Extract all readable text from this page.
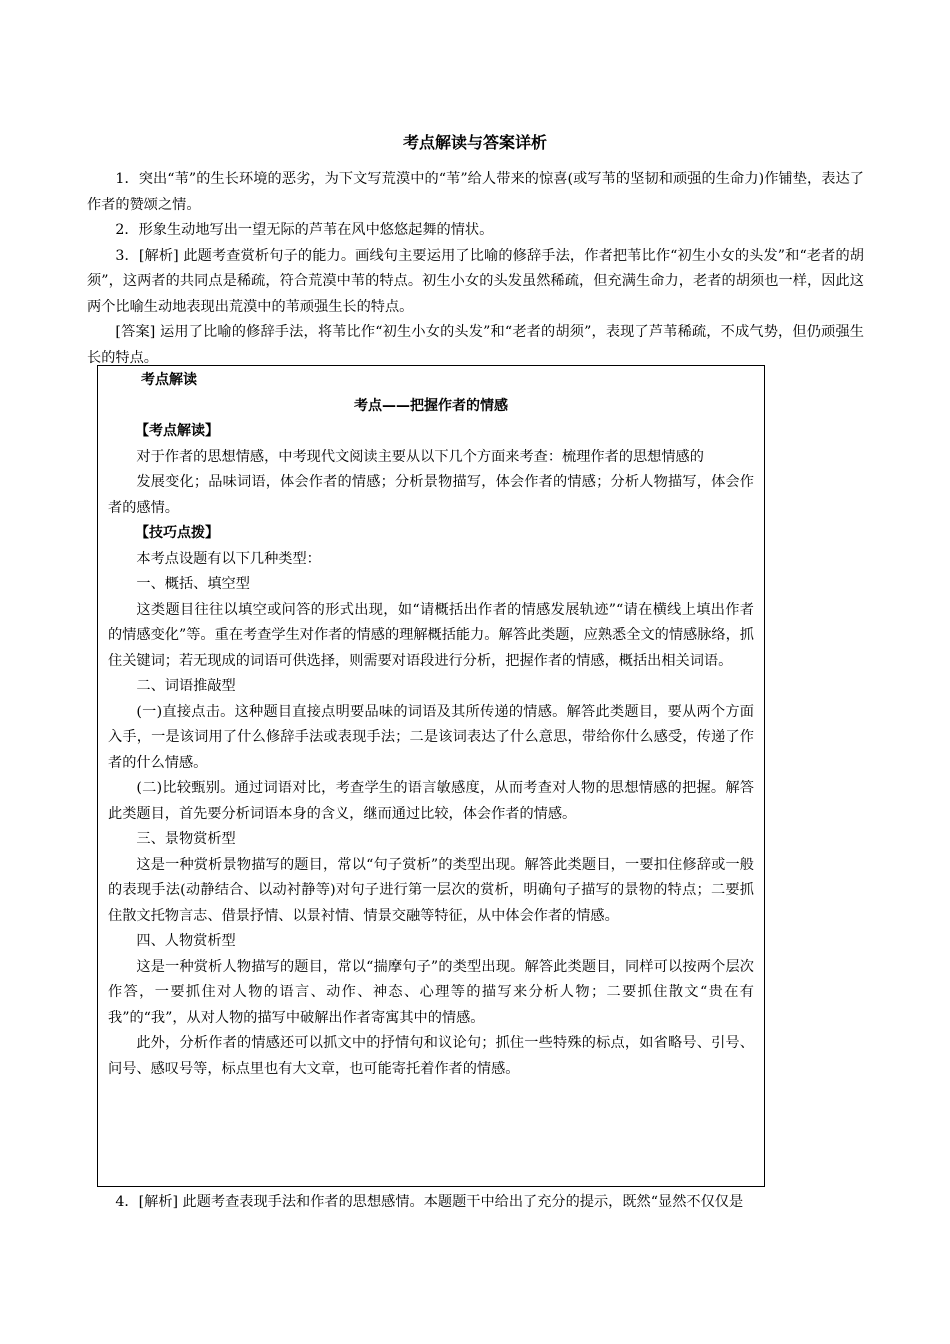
考点解读与答案详析

1．突出“苇”的生长环境的恶劣，为下文写荒漠中的“苇”给人带来的惊喜(或写苇的坚韧和顽强的生命力)作铺垫，表达了作者的赞颂之情。

2．形象生动地写出一望无际的芦苇在风中悠悠起舞的情状。

3．[解析] 此题考查赏析句子的能力。画线句主要运用了比喻的修辞手法，作者把苇比作“初生小女的头发”和“老者的胡须”，这两者的共同点是稀疏，符合荒漠中苇的特点。初生小女的头发虽然稀疏，但充满生命力，老者的胡须也一样，因此这两个比喻生动地表现出荒漠中的苇顽强生长的特点。

[答案] 运用了比喻的修辞手法，将苇比作“初生小女的头发”和“老者的胡须”，表现了芦苇稀疏，不成气势，但仍顽强生长的特点。

考点解读

考点——把握作者的情感

【考点解读】

对于作者的思想情感，中考现代文阅读主要从以下几个方面来考查：梳理作者的思想情感的

发展变化；品味词语，体会作者的情感；分析景物描写，体会作者的情感；分析人物描写，体会作者的感情。

【技巧点拨】

本考点设题有以下几种类型：

一、概括、填空型

这类题目往往以填空或问答的形式出现，如“请概括出作者的情感发展轨迹”“请在横线上填出作者的情感变化”等。重在考查学生对作者的情感的理解概括能力。解答此类题，应熟悉全文的情感脉络，抓住关键词；若无现成的词语可供选择，则需要对语段进行分析，把握作者的情感，概括出相关词语。

二、词语推敲型

(一)直接点击。这种题目直接点明要品味的词语及其所传递的情感。解答此类题目，要从两个方面入手，一是该词用了什么修辞手法或表现手法；二是该词表达了什么意思，带给你什么感受，传递了作者的什么情感。

(二)比较甄别。通过词语对比，考查学生的语言敏感度，从而考查对人物的思想情感的把握。解答此类题目，首先要分析词语本身的含义，继而通过比较，体会作者的情感。

三、景物赏析型

这是一种赏析景物描写的题目，常以“句子赏析”的类型出现。解答此类题目，一要扣住修辞或一般的表现手法(动静结合、以动衬静等)对句子进行第一层次的赏析，明确句子描写的景物的特点；二要抓住散文托物言志、借景抒情、以景衬情、情景交融等特征，从中体会作者的情感。

四、人物赏析型

这是一种赏析人物描写的题目，常以“揣摩句子”的类型出现。解答此类题目，同样可以按两个层次作答，一要抓住对人物的语言、动作、神态、心理等的描写来分析人物；二要抓住散文“贵在有我”的“我”，从对人物的描写中破解出作者寄寓其中的情感。

此外，分析作者的情感还可以抓文中的抒情句和议论句；抓住一些特殊的标点，如省略号、引号、问号、感叹号等，标点里也有大文章，也可能寄托着作者的情感。

4．[解析] 此题考查表现手法和作者的思想感情。本题题干中给出了充分的提示，既然“显然不仅仅是
